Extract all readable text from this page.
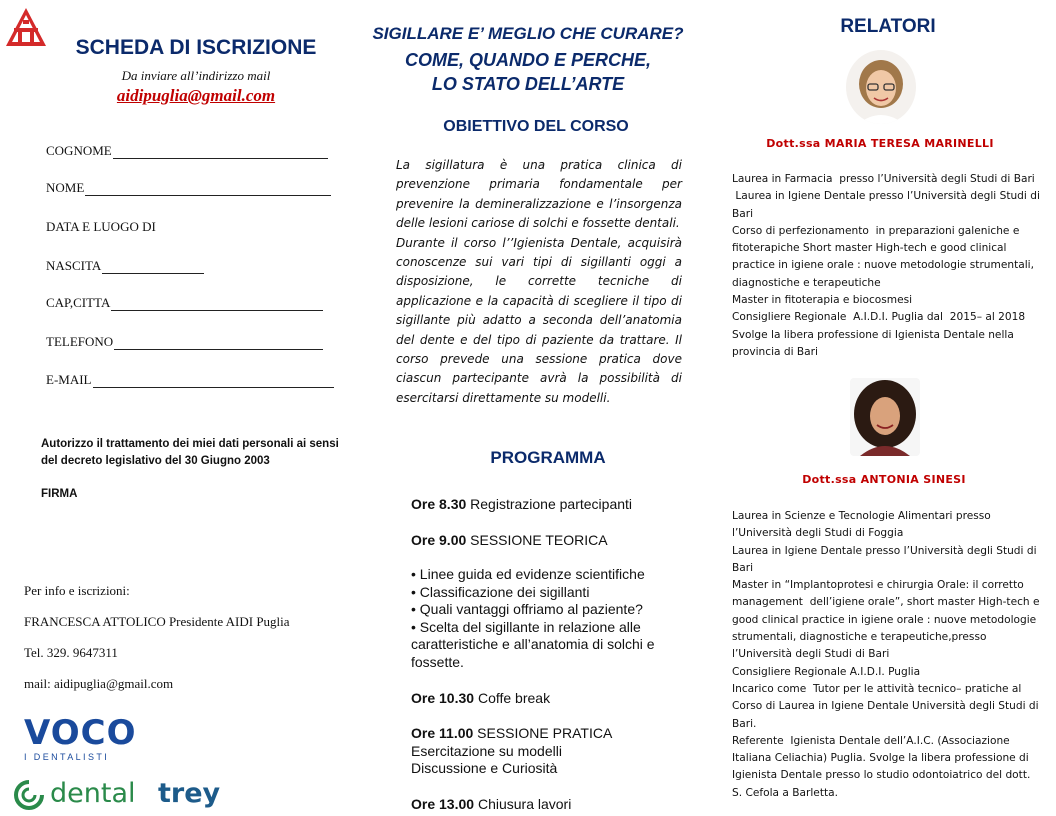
SCHEDA DI ISCRIZIONE
Da inviare all’indirizzo mail
aidipuglia@gmail.com
COGNOME
NOME
DATA E LUOGO DI
NASCITA
CAP,CITTA
TELEFONO
E-MAIL
Autorizzo il trattamento dei miei dati personali ai sensi del decreto legislativo del 30 Giugno 2003
FIRMA
Per info e iscrizioni:
FRANCESCA ATTOLICO Presidente AIDI Puglia
Tel. 329. 9647311
mail: aidipuglia@gmail.com
VOCO
I DENTALISTI
dental trey
SIGILLARE E’ MEGLIO CHE CURARE?
COME, QUANDO E PERCHE,
LO STATO DELL’ARTE
OBIETTIVO DEL CORSO

La sigillatura è una pratica clinica di prevenzione primaria fondamentale per prevenire la demineralizzazione e l’insorgenza delle lesioni cariose di solchi e fossette dentali.

Durante il corso l’’Igienista Dentale, acquisirà conoscenze sui vari tipi di sigillanti oggi a disposizione, le corrette tecniche di applicazione e la capacità di scegliere il tipo di sigillante più adatto a seconda dell’anatomia del dente e del tipo di paziente da trattare. Il corso prevede una sessione pratica dove ciascun partecipante avrà la possibilità di esercitarsi direttamente su modelli.

PROGRAMMA
Ore 8.30 Registrazione partecipanti
Ore 9.00 SESSIONE TEORICA
• Linee guida ed evidenze scientifiche
• Classificazione dei sigillanti
• Quali vantaggi offriamo al paziente?
• Scelta del sigillante in relazione alle caratteristiche e all’anatomia di solchi e fossette.
Ore 10.30 Coffe break
Ore 11.00 SESSIONE PRATICA
Esercitazione su modelli
Discussione e Curiosità
Ore 13.00 Chiusura lavori
RELATORI
Dott.ssa MARIA TERESA MARINELLI
Laurea in Farmacia  presso l’Università degli Studi di Bari
Laurea in Igiene Dentale presso l’Università degli Studi di Bari
Corso di perfezionamento  in preparazioni galeniche e fitoterapiche Short master High-tech e good clinical practice in igiene orale : nuove metodologie strumentali, diagnostiche e terapeutiche
Master in fitoterapia e biocosmesi
Consigliere Regionale  A.I.D.I. Puglia dal  2015– al 2018
Svolge la libera professione di Igienista Dentale nella provincia di Bari
Dott.ssa ANTONIA SINESI
Laurea in Scienze e Tecnologie Alimentari presso l’Università degli Studi di Foggia
Laurea in Igiene Dentale presso l’Università degli Studi di Bari
Master in “Implantoprotesi e chirurgia Orale: il corretto management  dell’igiene orale”, short master High-tech e good clinical practice in igiene orale : nuove metodologie strumentali, diagnostiche e terapeutiche,presso l’Università degli Studi di Bari
Consigliere Regionale A.I.D.I. Puglia
Incarico come  Tutor per le attività tecnico– pratiche al Corso di Laurea in Igiene Dentale Università degli Studi di Bari.
Referente  Igienista Dentale dell’A.I.C. (Associazione Italiana Celiachia) Puglia. Svolge la libera professione di Igienista Dentale presso lo studio odontoiatrico del dott. S. Cefola a Barletta.
